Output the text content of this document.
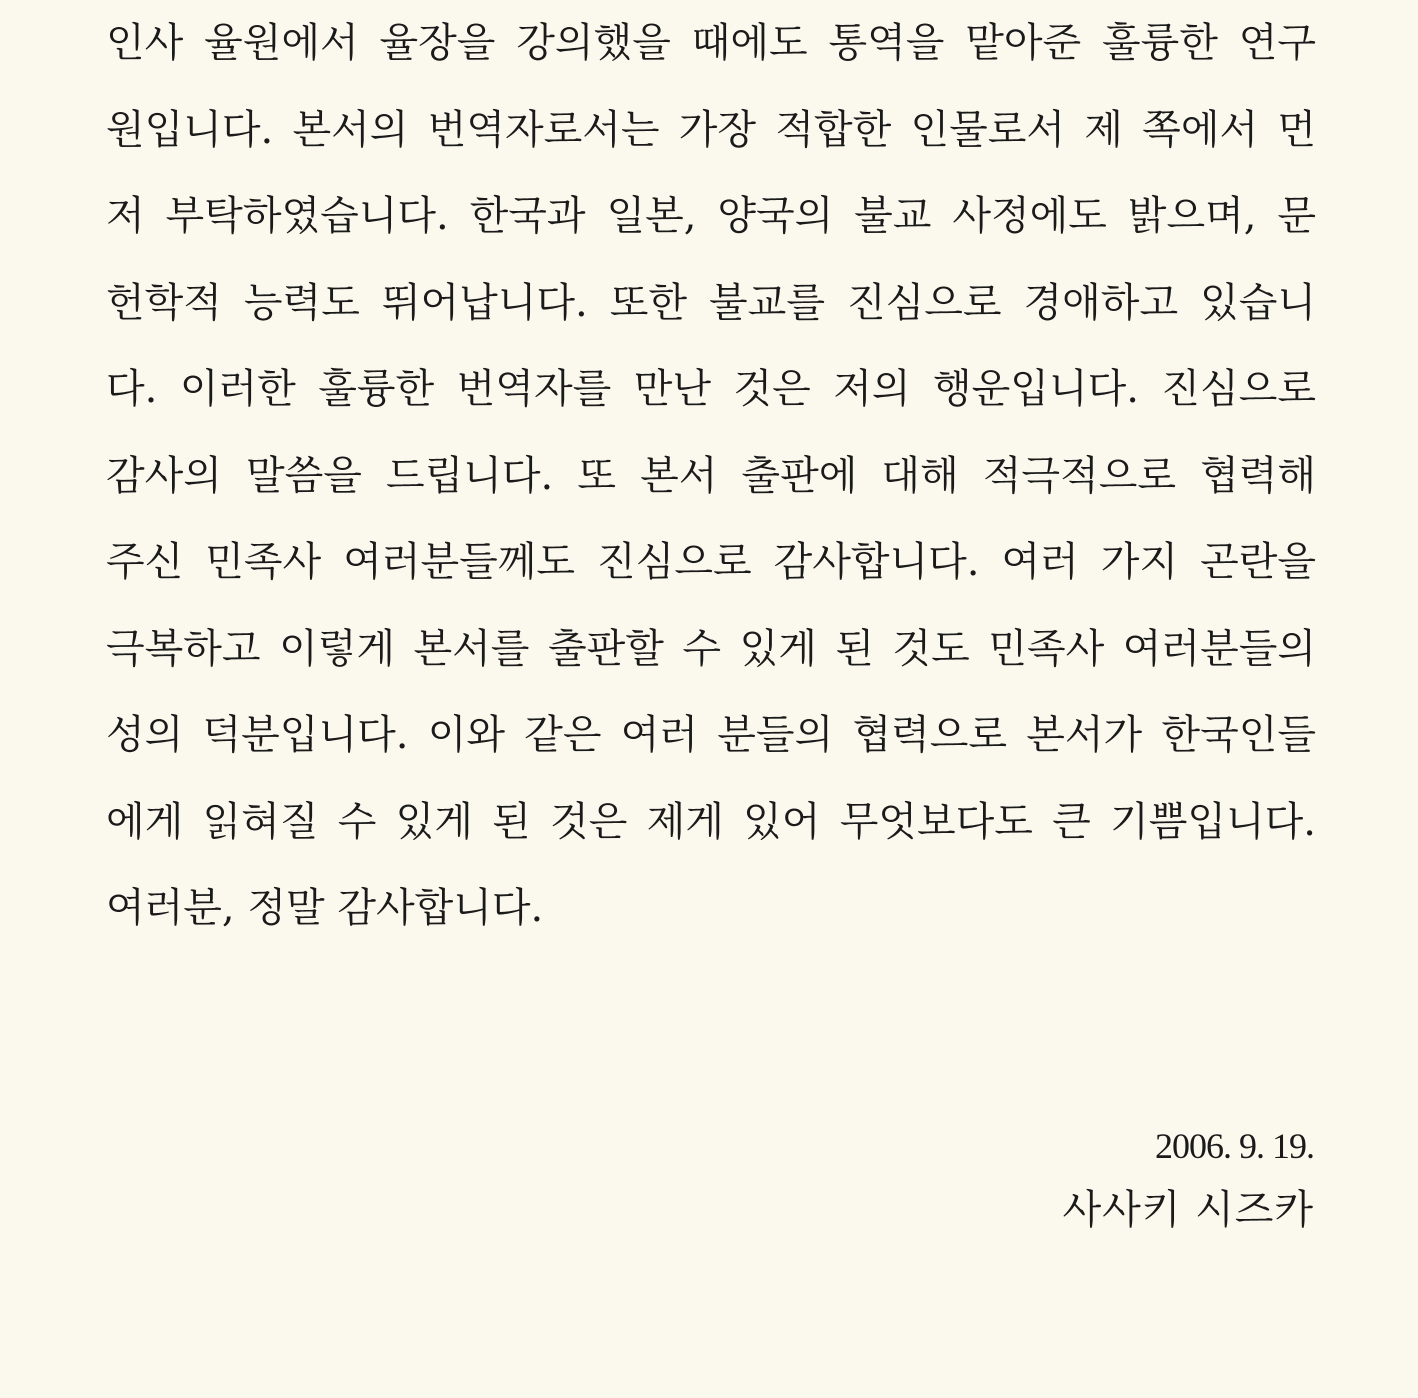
인사 율원에서 율장을 강의했을 때에도 통역을 맡아준 훌륭한 연구
원입니다. 본서의 번역자로서는 가장 적합한 인물로서 제 쪽에서 먼
저 부탁하였습니다. 한국과 일본, 양국의 불교 사정에도 밝으며, 문
헌학적 능력도 뛰어납니다. 또한 불교를 진심으로 경애하고 있습니
다. 이러한 훌륭한 번역자를 만난 것은 저의 행운입니다. 진심으로
감사의 말씀을 드립니다. 또 본서 출판에 대해 적극적으로 협력해
주신 민족사 여러분들께도 진심으로 감사합니다. 여러 가지 곤란을
극복하고 이렇게 본서를 출판할 수 있게 된 것도 민족사 여러분들의
성의 덕분입니다. 이와 같은 여러 분들의 협력으로 본서가 한국인들
에게 읽혀질 수 있게 된 것은 제게 있어 무엇보다도 큰 기쁨입니다.
여러분, 정말 감사합니다.
2006. 9. 19.
사사키 시즈카
